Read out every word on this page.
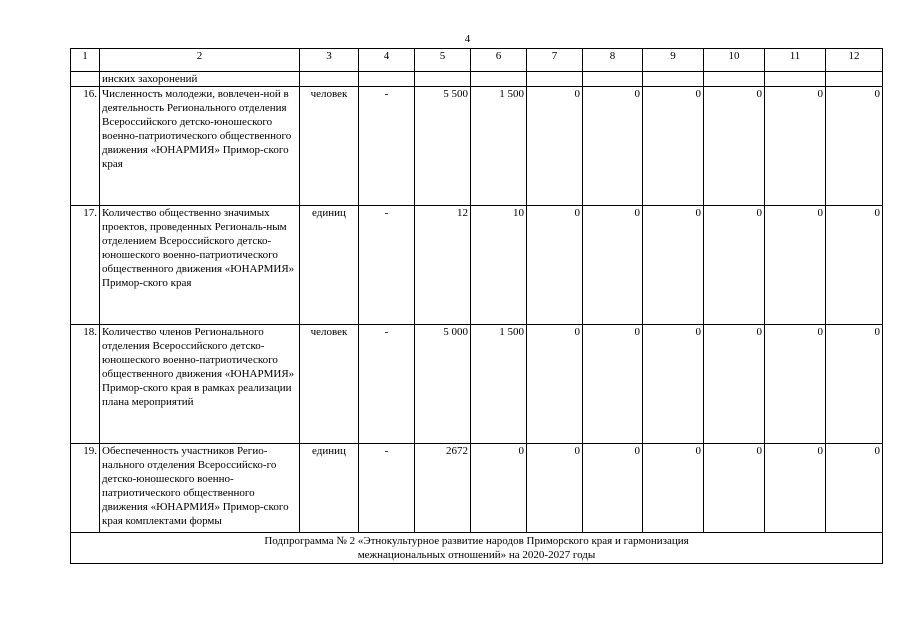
4
1	2	3	4	5	6	7	8	9	10	11	12
	инских захоронений										
16.	Численность молодежи, вовлечен-ной в деятельность Регионального отделения Всероссийского детско-юношеского военно-патриотического общественного движения «ЮНАРМИЯ» Примор-ского края	человек	-	5 500	1 500	0	0	0	0	0	0
17.	Количество общественно значимых проектов, проведенных Региональ-ным отделением Всероссийского детско-юношеского военно-патриотического общественного движения «ЮНАРМИЯ» Примор-ского края	единиц	-	12	10	0	0	0	0	0	0
18.	Количество членов Регионального отделения Всероссийского детско-юношеского военно-патриотического общественного движения «ЮНАРМИЯ» Примор-ского края в рамках реализации плана мероприятий	человек	-	5 000	1 500	0	0	0	0	0	0
19.	Обеспеченность участников Регио-нального отделения Всероссийско-го детско-юношеского военно-патриотического общественного движения «ЮНАРМИЯ» Примор-ского края комплектами формы	единиц	-	2672	0	0	0	0	0	0	0

Подпрограмма № 2 «Этнокультурное развитие народов Приморского края и гармонизация
межнациональных отношений» на 2020-2027 годы											
